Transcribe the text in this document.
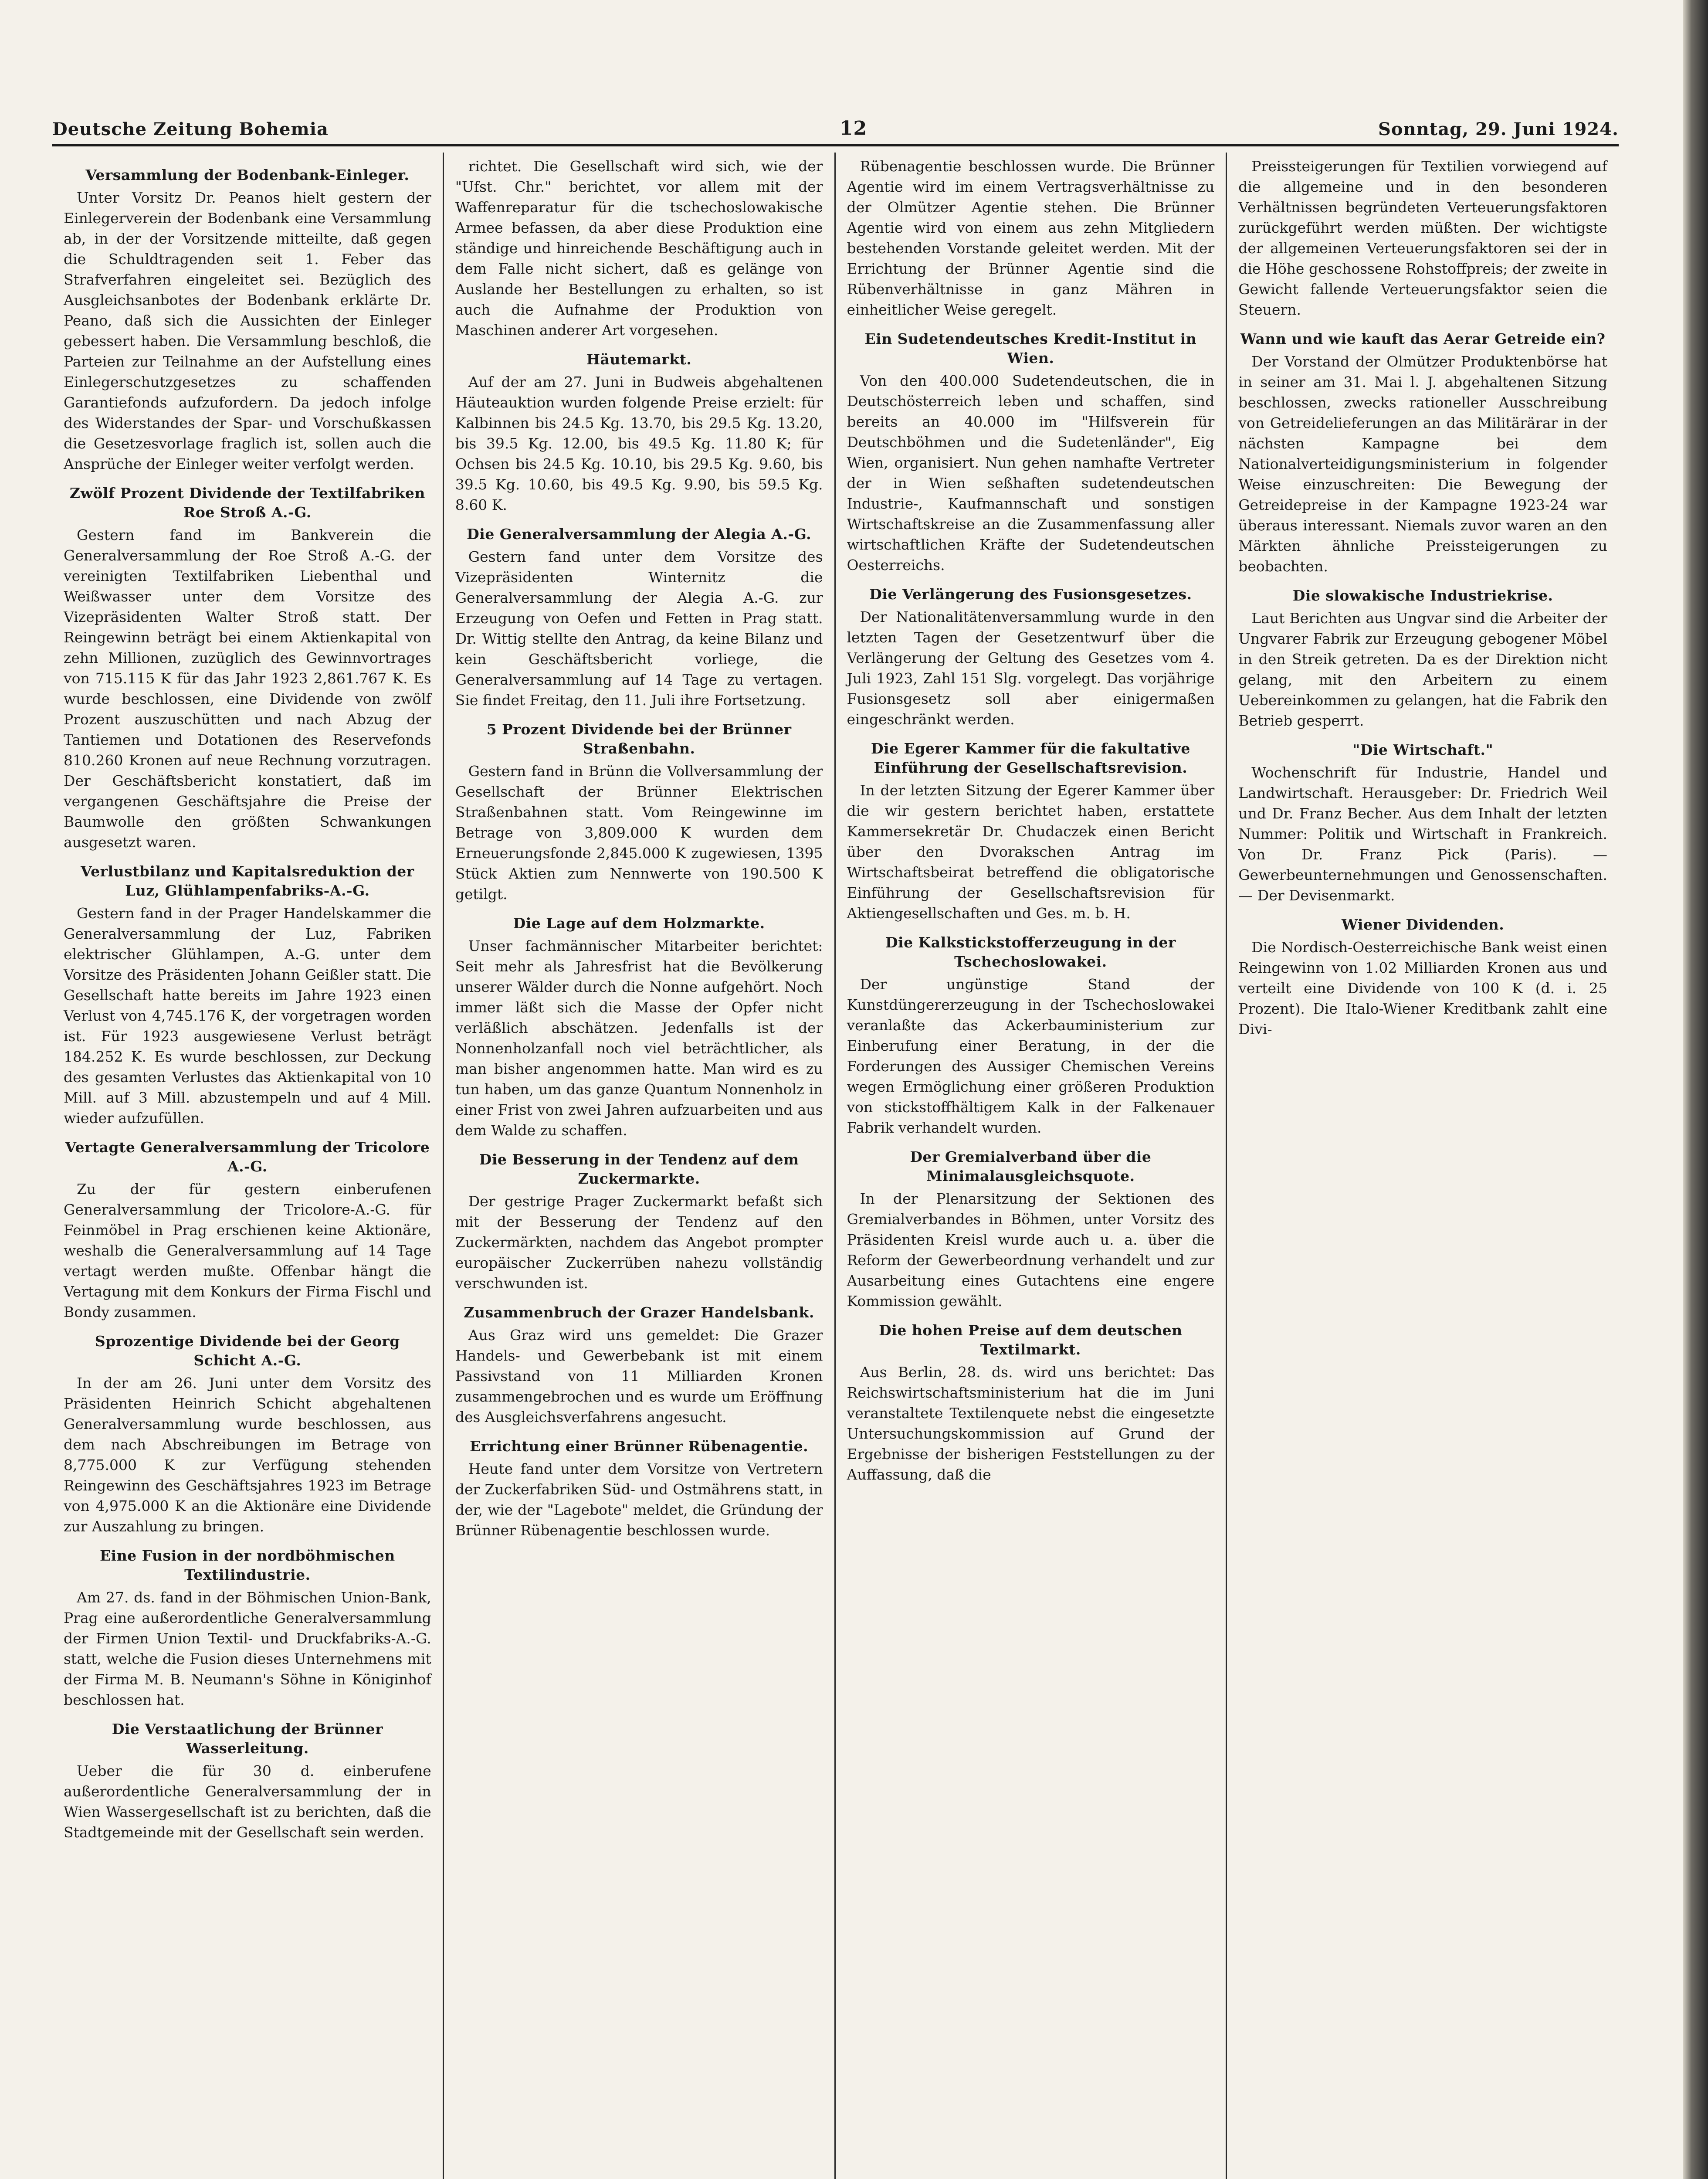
Deutsche Zeitung Bohemia	12	Sonntag, 29. Juni 1924.
Versammlung der Bodenbank-Einleger.

Unter Vorsitz Dr. Peanos hielt gestern der Einlegerverein der Bodenbank eine Versammlung ab, in der der Vorsitzende mitteilte, daß gegen die Schuldtragenden seit 1. Feber das Strafverfahren eingeleitet sei. Bezüglich des Ausgleichsanbotes der Bodenbank erklärte Dr. Peano, daß sich die Aussichten der Einleger gebessert haben. Die Versammlung beschloß, die Parteien zur Teilnahme an der Aufstellung eines Einlegerschutzgesetzes zu schaffenden Garantiefonds aufzufordern. Da jedoch infolge des Widerstandes der Spar- und Vorschußkassen die Gesetzesvorlage fraglich ist, sollen auch die Ansprüche der Einleger weiter verfolgt werden.

Zwölf Prozent Dividende der Textilfabriken Roe Stroß A.-G.

Gestern fand im Bankverein die Generalversammlung der Roe Stroß A.-G. der vereinigten Textilfabriken Liebenthal und Weißwasser unter dem Vorsitze des Vizepräsidenten Walter Stroß statt. Der Reingewinn beträgt bei einem Aktienkapital von zehn Millionen, zuzüglich des Gewinnvortrages von 715.115 K für das Jahr 1923 2,861.767 K. Es wurde beschlossen, eine Dividende von zwölf Prozent auszuschütten und nach Abzug der Tantiemen und Dotationen des Reservefonds 810.260 Kronen auf neue Rechnung vorzutragen. Der Geschäftsbericht konstatiert, daß im vergangenen Geschäftsjahre die Preise der Baumwolle den größten Schwankungen ausgesetzt waren.

Verlustbilanz und Kapitalsreduktion der Luz, Glühlampenfabriks-A.-G.

Gestern fand in der Prager Handelskammer die Generalversammlung der Luz, Fabriken elektrischer Glühlampen, A.-G. unter dem Vorsitze des Präsidenten Johann Geißler statt. Die Gesellschaft hatte bereits im Jahre 1923 einen Verlust von 4,745.176 K, der vorgetragen worden ist. Für 1923 ausgewiesene Verlust beträgt 184.252 K. Es wurde beschlossen, zur Deckung des gesamten Verlustes das Aktienkapital von 10 Mill. auf 3 Mill. abzustempeln und auf 4 Mill. wieder aufzufüllen.

Vertagte Generalversammlung der Tricolore A.-G.

Zu der für gestern einberufenen Generalversammlung der Tricolore-A.-G. für Feinmöbel in Prag erschienen keine Aktionäre, weshalb die Generalversammlung auf 14 Tage vertagt werden mußte. Offenbar hängt die Vertagung mit dem Konkurs der Firma Fischl und Bondy zusammen.

Sprozentige Dividende bei der Georg Schicht A.-G.

In der am 26. Juni unter dem Vorsitz des Präsidenten Heinrich Schicht abgehaltenen Generalversammlung wurde beschlossen, aus dem nach Abschreibungen im Betrage von 8,775.000 K zur Verfügung stehenden Reingewinn des Geschäftsjahres 1923 im Betrage von 4,975.000 K an die Aktionäre eine Dividende zur Auszahlung zu bringen.

Eine Fusion in der nordböhmischen Textilindustrie.

Am 27. ds. fand in der Böhmischen Union-Bank, Prag eine außerordentliche Generalversammlung der Firmen Union Textil- und Druckfabriks-A.-G. statt, welche die Fusion dieses Unternehmens mit der Firma M. B. Neumann's Söhne in Königinhof beschlossen hat.

Die Verstaatlichung der Brünner Wasserleitung.

Ueber die für 30 d. einberufene außerordentliche Generalversammlung der in Wien Wassergesellschaft ist zu berichten, daß die Stadtgemeinde mit der Gesellschaft sein werden.

richtet. Die Gesellschaft wird sich, wie der "Ufst. Chr." berichtet, vor allem mit der Waffenreparatur für die tschechoslowakische Armee befassen, da aber diese Produktion eine ständige und hinreichende Beschäftigung auch in dem Falle nicht sichert, daß es gelänge von Auslande her Bestellungen zu erhalten, so ist auch die Aufnahme der Produktion von Maschinen anderer Art vorgesehen.

Häutemarkt.

Auf der am 27. Juni in Budweis abgehaltenen Häuteauktion wurden folgende Preise erzielt: für Kalbinnen bis 24.5 Kg. 13.70, bis 29.5 Kg. 13.20, bis 39.5 Kg. 12.00, bis 49.5 Kg. 11.80 K; für Ochsen bis 24.5 Kg. 10.10, bis 29.5 Kg. 9.60, bis 39.5 Kg. 10.60, bis 49.5 Kg. 9.90, bis 59.5 Kg. 8.60 K.

Die Generalversammlung der Alegia A.-G.

Gestern fand unter dem Vorsitze des Vizepräsidenten Winternitz die Generalversammlung der Alegia A.-G. zur Erzeugung von Oefen und Fetten in Prag statt. Dr. Wittig stellte den Antrag, da keine Bilanz und kein Geschäftsbericht vorliege, die Generalversammlung auf 14 Tage zu vertagen. Sie findet Freitag, den 11. Juli ihre Fortsetzung.

5 Prozent Dividende bei der Brünner Straßenbahn.

Gestern fand in Brünn die Vollversammlung der Gesellschaft der Brünner Elektrischen Straßenbahnen statt. Vom Reingewinne im Betrage von 3,809.000 K wurden dem Erneuerungsfonde 2,845.000 K zugewiesen, 1395 Stück Aktien zum Nennwerte von 190.500 K getilgt.

Die Lage auf dem Holzmarkte.

Unser fachmännischer Mitarbeiter berichtet: Seit mehr als Jahresfrist hat die Bevölkerung unserer Wälder durch die Nonne aufgehört. Noch immer läßt sich die Masse der Opfer nicht verläßlich abschätzen. Jedenfalls ist der Nonnenholzanfall noch viel beträchtlicher, als man bisher angenommen hatte. Man wird es zu tun haben, um das ganze Quantum Nonnenholz in einer Frist von zwei Jahren aufzuarbeiten und aus dem Walde zu schaffen.

Die Besserung in der Tendenz auf dem Zuckermarkte.

Der gestrige Prager Zuckermarkt befaßt sich mit der Besserung der Tendenz auf den Zuckermärkten, nachdem das Angebot prompter europäischer Zuckerrüben nahezu vollständig verschwunden ist.

Zusammenbruch der Grazer Handelsbank.

Aus Graz wird uns gemeldet: Die Grazer Handels- und Gewerbebank ist mit einem Passivstand von 11 Milliarden Kronen zusammengebrochen und es wurde um Eröffnung des Ausgleichsverfahrens angesucht.

Errichtung einer Brünner Rübenagentie.

Heute fand unter dem Vorsitze von Vertretern der Zuckerfabriken Süd- und Ostmährens statt, in der, wie der "Lagebote" meldet, die Gründung der Brünner Rübenagentie beschlossen wurde.

Rübenagentie beschlossen wurde. Die Brünner Agentie wird im einem Vertragsverhältnisse zu der Olmützer Agentie stehen. Die Brünner Agentie wird von einem aus zehn Mitgliedern bestehenden Vorstande geleitet werden. Mit der Errichtung der Brünner Agentie sind die Rübenverhältnisse in ganz Mähren in einheitlicher Weise geregelt.

Ein Sudetendeutsches Kredit-Institut in Wien.

Von den 400.000 Sudetendeutschen, die in Deutschösterreich leben und schaffen, sind bereits an 40.000 im "Hilfsverein für Deutschböhmen und die Sudetenländer", Eig Wien, organisiert. Nun gehen namhafte Vertreter der in Wien seßhaften sudetendeutschen Industrie-, Kaufmannschaft und sonstigen Wirtschaftskreise an die Zusammenfassung aller wirtschaftlichen Kräfte der Sudetendeutschen Oesterreichs.

Die Verlängerung des Fusionsgesetzes.

Der Nationalitätenversammlung wurde in den letzten Tagen der Gesetzentwurf über die Verlängerung der Geltung des Gesetzes vom 4. Juli 1923, Zahl 151 Slg. vorgelegt. Das vorjährige Fusionsgesetz soll aber einigermaßen eingeschränkt werden.

Die Egerer Kammer für die fakultative Einführung der Gesellschaftsrevision.

In der letzten Sitzung der Egerer Kammer über die wir gestern berichtet haben, erstattete Kammersekretär Dr. Chudaczek einen Bericht über den Dvorakschen Antrag im Wirtschaftsbeirat betreffend die obligatorische Einführung der Gesellschaftsrevision für Aktiengesellschaften und Ges. m. b. H.

Die Kalkstickstofferzeugung in der Tschechoslowakei.

Der ungünstige Stand der Kunstdüngererzeugung in der Tschechoslowakei veranlaßte das Ackerbauministerium zur Einberufung einer Beratung, in der die Forderungen des Aussiger Chemischen Vereins wegen Ermöglichung einer größeren Produktion von stickstoffhältigem Kalk in der Falkenauer Fabrik verhandelt wurden.

Der Gremialverband über die Minimalausgleichsquote.

In der Plenarsitzung der Sektionen des Gremialverbandes in Böhmen, unter Vorsitz des Präsidenten Kreisl wurde auch u. a. über die Reform der Gewerbeordnung verhandelt und zur Ausarbeitung eines Gutachtens eine engere Kommission gewählt.

Die hohen Preise auf dem deutschen Textilmarkt.

Aus Berlin, 28. ds. wird uns berichtet: Das Reichswirtschaftsministerium hat die im Juni veranstaltete Textilenquete nebst die eingesetzte Untersuchungskommission auf Grund der Ergebnisse der bisherigen Feststellungen zu der Auffassung, daß die

Preissteigerungen für Textilien vorwiegend auf die allgemeine und in den besonderen Verhältnissen begründeten Verteuerungsfaktoren zurückgeführt werden müßten. Der wichtigste der allgemeinen Verteuerungsfaktoren sei der in die Höhe geschossene Rohstoffpreis; der zweite in Gewicht fallende Verteuerungsfaktor seien die Steuern.

Wann und wie kauft das Aerar Getreide ein?

Der Vorstand der Olmützer Produktenbörse hat in seiner am 31. Mai l. J. abgehaltenen Sitzung beschlossen, zwecks rationeller Ausschreibung von Getreidelieferungen an das Militärärar in der nächsten Kampagne bei dem Nationalverteidigungsministerium in folgender Weise einzuschreiten: Die Bewegung der Getreidepreise in der Kampagne 1923-24 war überaus interessant. Niemals zuvor waren an den Märkten ähnliche Preissteigerungen zu beobachten.

Die slowakische Industriekrise.

Laut Berichten aus Ungvar sind die Arbeiter der Ungvarer Fabrik zur Erzeugung gebogener Möbel in den Streik getreten. Da es der Direktion nicht gelang, mit den Arbeitern zu einem Uebereinkommen zu gelangen, hat die Fabrik den Betrieb gesperrt.

"Die Wirtschaft."

Wochenschrift für Industrie, Handel und Landwirtschaft. Herausgeber: Dr. Friedrich Weil und Dr. Franz Becher. Aus dem Inhalt der letzten Nummer: Politik und Wirtschaft in Frankreich. Von Dr. Franz Pick (Paris). — Gewerbeunternehmungen und Genossenschaften. — Der Devisenmarkt.

Wiener Dividenden.

Die Nordisch-Oesterreichische Bank weist einen Reingewinn von 1.02 Milliarden Kronen aus und verteilt eine Dividende von 100 K (d. i. 25 Prozent). Die Italo-Wiener Kreditbank zahlt eine Divi-
